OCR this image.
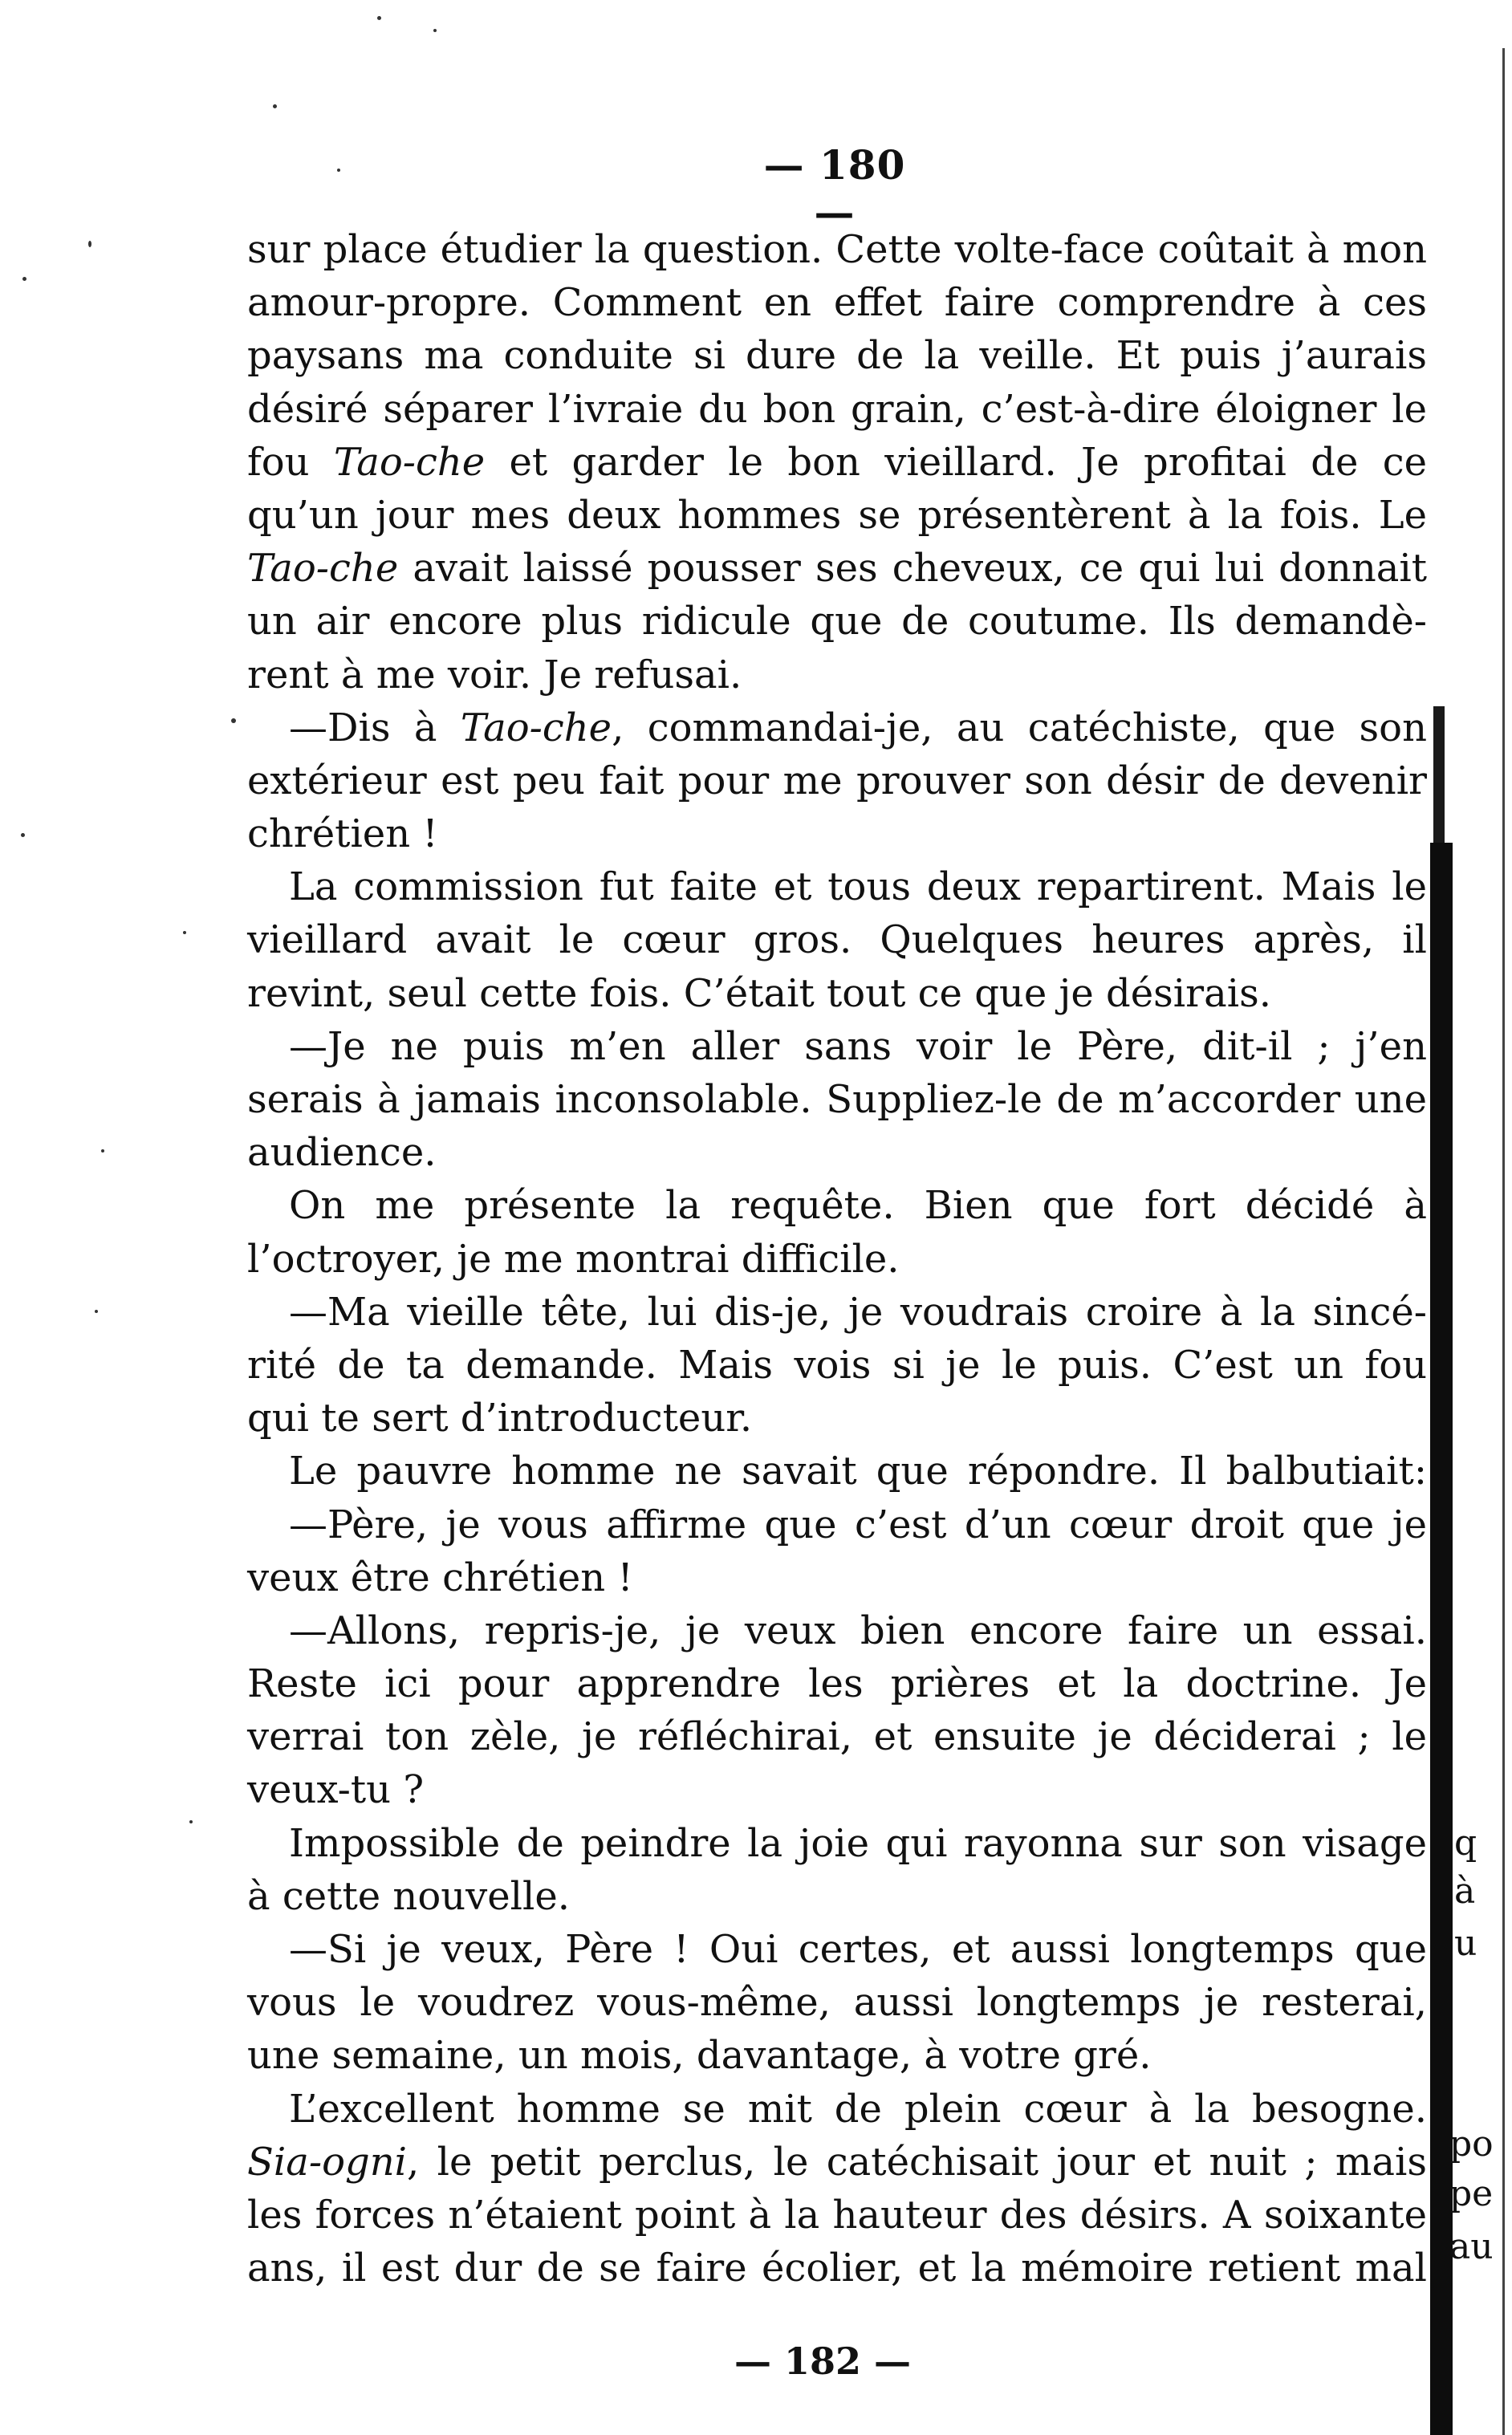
— 180 —
sur place étudier la question. Cette volte-face coûtait à mon
amour-propre. Comment en effet faire comprendre à ces
paysans ma conduite si dure de la veille. Et puis j’aurais
désiré séparer l’ivraie du bon grain, c’est-à-dire éloigner le
fou Tao-che et garder le bon vieillard. Je profitai de ce
qu’un jour mes deux hommes se présentèrent à la fois. Le
Tao-che avait laissé pousser ses cheveux, ce qui lui donnait
un air encore plus ridicule que de coutume. Ils demandè-
rent à me voir. Je refusai.
—Dis à Tao-che, commandai-je, au catéchiste, que son
extérieur est peu fait pour me prouver son désir de devenir
chrétien !
La commission fut faite et tous deux repartirent. Mais le
vieillard avait le cœur gros. Quelques heures après, il
revint, seul cette fois. C’était tout ce que je désirais.
—Je ne puis m’en aller sans voir le Père, dit-il ; j’en
serais à jamais inconsolable. Suppliez-le de m’accorder une
audience.
On me présente la requête. Bien que fort décidé à
l’octroyer, je me montrai difficile.
—Ma vieille tête, lui dis-je, je voudrais croire à la sincé-
rité de ta demande. Mais vois si je le puis. C’est un fou
qui te sert d’introducteur.
Le pauvre homme ne savait que répondre. Il balbutiait:
—Père, je vous affirme que c’est d’un cœur droit que je
veux être chrétien !
—Allons, repris-je, je veux bien encore faire un essai.
Reste ici pour apprendre les prières et la doctrine. Je
verrai ton zèle, je réfléchirai, et ensuite je déciderai ; le
veux-tu ?
Impossible de peindre la joie qui rayonna sur son visage
à cette nouvelle.
—Si je veux, Père ! Oui certes, et aussi longtemps que
vous le voudrez vous-même, aussi longtemps je resterai,
une semaine, un mois, davantage, à votre gré.
L’excellent homme se mit de plein cœur à la besogne.
Sia-ogni, le petit perclus, le catéchisait jour et nuit ; mais
les forces n’étaient point à la hauteur des désirs. A soixante
ans, il est dur de se faire écolier, et la mémoire retient mal
— 182 —
q
à
u
po
pe
au
